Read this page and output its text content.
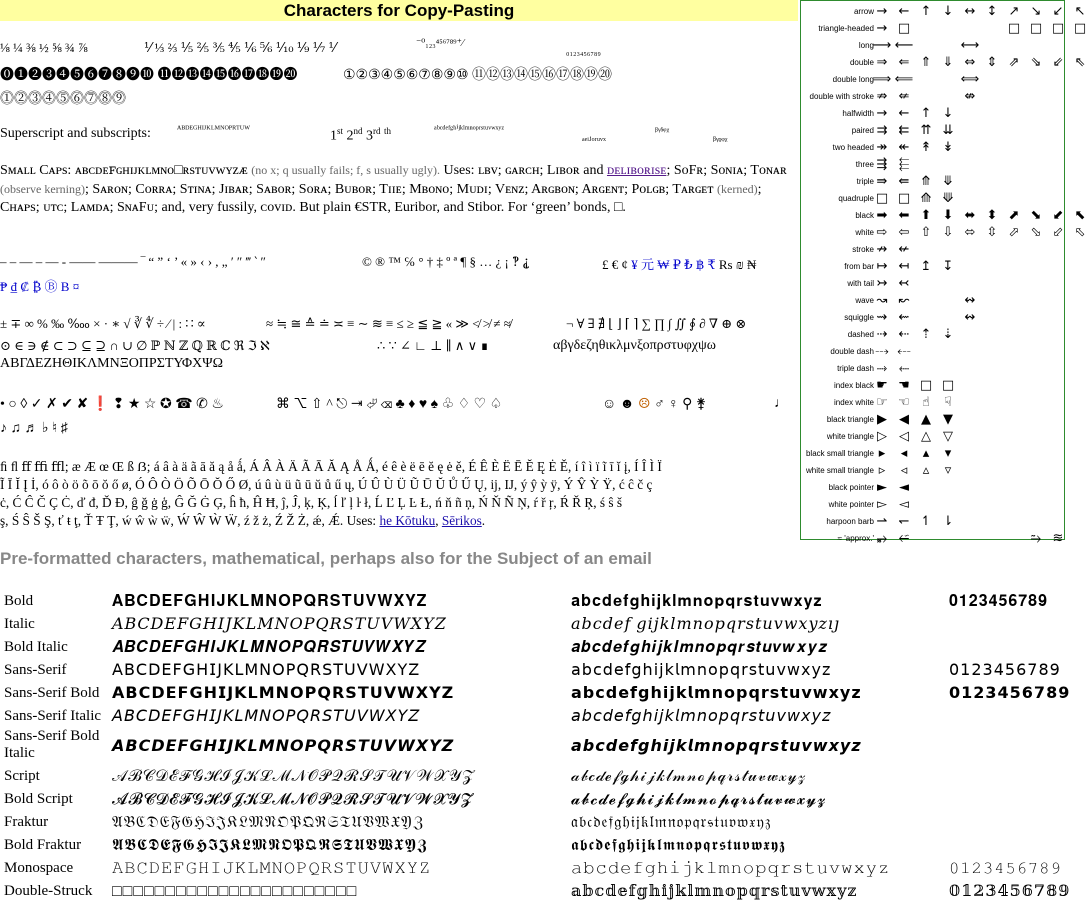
Characters for Copy-Pasting
⅛ ¼ ⅜ ½ ⅝ ¾ ⅞	⅟ ⅓ ⅔ ⅕ ⅖ ⅗ ⅘ ⅙ ⅚ ⅒ ⅑ ⅐ ⅟	⁻⁰₁₂₃⁴⁵⁶⁷⁸⁹⁺⁄
₀₁₂₃₄₅₆₇₈₉
⓿❶❷❸❹❺❻❼❽❾❿ ⓫⓬⓭⓮⓯⓰⓱⓲⓳⓴	①②③④⑤⑥⑦⑧⑨⑩ ⑪⑫⑬⑭⑮⑯⑰⑱⑲⑳
⓵⓶⓷⓸⓹⓺⓻⓼⓽
Superscript and subscripts:	ᴬᴮᴰᴱᴳᴴᴵᴶᴷᴸᴹᴺᴼᴾᴿᵀᵁᵂ	1st 2nd 3rd $^{th}$	ᵃᵇᶜᵈᵉᶠᵍʰⁱʲᵏˡᵐⁿᵒᵖʳˢᵗᵘᵛʷˣʸᶻ
ₐₑᵢⱼₒᵣᵤᵥₓ
ᵝᵞᵟᵠᵡ
ᵦᵧᵨᵩᵪ
Sᴍᴀʟʟ Cᴀᴘs: ᴀʙᴄᴅᴇꜰɢʜɪᴊᴋʟᴍɴᴏ□ʀsᴛᴜᴠᴡʏᴢᴁ (no x; q usually fails; f, s usually ugly). Uses: ʟʙᴠ; ɢᴀʀᴄʜ; Lɪʙᴏʀ and ᴅᴇʟɪʙᴏʀɪsᴇ; SᴏFʀ; Sᴏɴɪᴀ; Tᴏɴᴀʀ (observe kerning); Sᴀʀᴏɴ; Cᴏʀʀᴀ; Sᴛɪɴᴀ; Jɪʙᴀʀ; Sᴀʙᴏʀ; Sᴏʀᴀ; Bᴜʙᴏʀ; Tɪɪᴇ; Mʙᴏɴᴏ; Mᴜᴅɪ; Vᴇɴᴢ; Aʀɢʙᴏɴ; Aʀɢᴇɴᴛ; Pᴏʟɢʙ; Tᴀʀɢᴇᴛ (kerned); Cʜᴀᴘs; ᴜᴛᴄ; Lᴀᴍᴅᴀ; SɴᴀFᴜ; and, very fussily, ᴄᴏᴠɪᴅ. But plain €STR, Euribor, and Stibor. For ‘green’ bonds, □.
– – — – — - —— ——— ‾ “ ” ‘ ’ « » ‹ › , „ ′ ″ ‴ ‵ ″	© ® ™ ℅ ° † ‡ º ª ¶ § … ¿ ¡ ‽ ⸘	£ € ¢ ¥ 元 ₩ ₽ ₺ ฿ ₹ Rs ₪ ₦
₱ ₫ ₡ ₿ Ⓑ B ¤
± ∓ ∞ % ‰ ‱ × · ∗ √ ∛ ∜ ÷ ∕ | : ∷ ∝	≈ ≒ ≅ ≙ ≐ ≍ ≡ ∼ ≋ ≡ ≤ ≥ ≦ ≧ « ≫ ≮ ≯ ≠ ≉	¬ ∀ ∃ ∄ ⌊ ⌋ ⌈ ⌉ ∑ ∏ ∫ ∬ ∮ ∂ ∇ ⊕ ⊗
⊙ ∈ ∋ ∉ ⊂ ⊃ ⊆ ⊇ ∩ ∪ ∅ ℙ ℕ ℤ ℚ ℝ ℂ ℜ ℑ ℵ	∴ ∵ ∠ ∟ ⊥ ∥ ∧ ∨ ∎	αβγδεζηθικλμνξοπρστυφχψω
ΑΒΓΔΕΖΗΘΙΚΛΜΝΞΟΠΡΣΤΥΦΧΨΩ
• ○ ◊ ✓ ✗ ✔ ✘ ❗ ❢ ★ ☆ ✪ ☎ ✆ ♨	⌘ ⌥ ⇧ ^ ⎋ ⇥ ⏎ ⌫ ♣ ♦ ♥ ♠ ♧ ♢ ♡ ♤	☺ ☻ ☹ ♂ ♀ ⚲ ⚵	♩
♪ ♫ ♬ ♭ ♮ ♯
ﬁ ﬂ ﬀ ﬃ ﬄ; æ Æ œ Œ ß ẞ; á â à ä ã ā ă ą å ǻ, Á Â À Ä Ã Ā Ă Ą Å Ǻ, é ê è ë ē ĕ ę ė ě, É Ê È Ë Ē Ĕ Ę Ė Ě, í î ì ï ĩ ī ĭ į, Í Î Ì Ï
Ĩ Ī Ĭ Į İ, ó ô ò ö õ ō ŏ ő ø, Ó Ô Ò Ö Õ Ō Ŏ Ő Ø, ú û ù ü ũ ū ŭ ů ű ų, Ú Û Ù Ü Ũ Ū Ŭ Ů Ű Ų, ij, Ĳ, ý ŷ ỳ ÿ, Ý Ŷ Ỳ Ÿ, ć ĉ č ç
ċ, Ć Ĉ Č Ç Ċ, ď đ, Ď Đ, ĝ ğ ġ ģ, Ĝ Ğ Ġ Ģ, ĥ ħ, Ĥ Ħ, ĵ, Ĵ, ķ, Ķ, ĺ ľ ļ ŀ ł, Ĺ Ľ Ļ Ŀ Ł, ń ň ñ ņ, Ń Ň Ñ Ņ, ŕ ř ŗ, Ŕ Ř Ŗ, ś ŝ š
ş, Ś Ŝ Š Ş, ť ŧ ţ, Ť Ŧ Ţ, ẃ ŵ ẁ ẅ, Ẃ Ŵ Ẁ Ẅ, ź ž ż, Ź Ž Ż, ǽ, Ǽ. Uses: he Kōtuku, Sērikos.
arrow → ← ↑ ↓ ↔ ↕ ↗ ↘ ↙ ↖
triangle-headed → □	□ □ □ □
long
⟶ ⟵	⟷
double ⇒ ⇐ ⇑ ⇓ ⇔ ⇕ ⇗ ⇘ ⇙ ⇖
double long
⟹ ⟸	⟺
double with stroke ⇏ ⇍	⇎
halfwidth → ← ↑ ↓
paired ⇉ ⇇ ⇈ ⇊
two headed ↠ ↞ ↟ ↡
three ⇶ ⬱
triple ⇛ ⇚ ⤊ ⤋
quadruple □ □ ⟰ ⟱
black ➡ ⬅ ⬆ ⬇ ⬌ ⬍ ⬈ ⬊ ⬋ ⬉
white ⇨ ⇦ ⇧ ⇩ ⬄ ⇳ ⬀ ⬂ ⬃ ⬁
stroke ↛ ↚
from bar ↦ ↤ ↥ ↧
with tail ↣ ↢
wave ↝ ↜	↭
squiggle ⇝ ⇜	↭
dashed ⇢ ⇠ ⇡ ⇣
double dash ⤏ ⤎
triple dash ⤑ ⬸
index black ☛ ☚ □ □
index white ☞ ☜ ☝	☟
black triangle ▶ ◀ ▲ ▼
white triangle ▷ ◁ △ ▽
black small triangle ▸	◂	▴	▾
white small triangle ▹	◃	▵	▿
black pointer ► ◄
white pointer ▻ ◅
harpoon barb ⇀ ↽ ↿ ⇂
≈ 'approx.' ⥵ ⭁	⥲ ≋
Pre-formatted characters, mathematical, perhaps also for the Subject of an email
Bold	𝐀𝐁𝐂𝐃𝐄𝐅𝐆𝐇𝐈𝐉𝐊𝐋𝐌𝐍𝐎𝐏𝐐𝐑𝐒𝐓𝐔𝐕𝐖𝐗𝐘𝐙	𝐚𝐛𝐜𝐝𝐞𝐟𝐠𝐡𝐢𝐣𝐤𝐥𝐦𝐧𝐨𝐩𝐪𝐫𝐬𝐭𝐮𝐯𝐰𝐱𝐲𝐳	𝟎𝟏𝟐𝟑𝟒𝟓𝟔𝟕𝟖𝟗
Italic	𝐴𝐵𝐶𝐷𝐸𝐹𝐺𝐻𝐼𝐽𝐾𝐿𝑀𝑁𝑂𝑃𝑄𝑅𝑆𝑇𝑈𝑉𝑊𝑋𝑌𝑍	𝑎𝑏𝑐𝑑𝑒𝑓 𝑔𝑖𝑗𝑘𝑙𝑚𝑛𝑜𝑝𝑞𝑟𝑠𝑡𝑢𝑣𝑤𝑥𝑦𝑧𝚤𝚥
Bold Italic	𝑨𝑩𝑪𝑫𝑬𝑭𝑮𝑯𝑰𝑱𝑲𝑳𝑴𝑵𝑶𝑷𝑸𝑹𝑺𝑻𝑼𝑽𝑾𝑿𝒀𝒁	𝒂𝒃𝒄𝒅𝒆𝒇𝒈𝒉𝒊𝒋𝒌𝒍𝒎𝒏𝒐𝒑𝒒𝒓𝒔𝒕𝒖𝒗𝒘𝒙𝒚𝒛
Sans-Serif	𝖠𝖡𝖢𝖣𝖤𝖥𝖦𝖧𝖨𝖩𝖪𝖫𝖬𝖭𝖮𝖯𝖰𝖱𝖲𝖳𝖴𝖵𝖶𝖷𝖸𝖹	𝖺𝖻𝖼𝖽𝖾𝖿𝗀𝗁𝗂𝗃𝗄𝗅𝗆𝗇𝗈𝗉𝗊𝗋𝗌𝗍𝗎𝗏𝗐𝗑𝗒𝗓	𝟢𝟣𝟤𝟥𝟦𝟧𝟨𝟩𝟪𝟫
Sans-Serif Bold 𝗔𝗕𝗖𝗗𝗘𝗙𝗚𝗛𝗜𝗝𝗞𝗟𝗠𝗡𝗢𝗣𝗤𝗥𝗦𝗧𝗨𝗩𝗪𝗫𝗬𝗭	𝗮𝗯𝗰𝗱𝗲𝗳𝗴𝗵𝗶𝗷𝗸𝗹𝗺𝗻𝗼𝗽𝗾𝗿𝘀𝘁𝘂𝘃𝘄𝘅𝘆𝘇	𝟬𝟭𝟮𝟯𝟰𝟱𝟲𝟳𝟴𝟵
Sans-Serif Italic 𝘈𝘉𝘊𝘋𝘌𝘍𝘎𝘏𝘐𝘑𝘒𝘓𝘔𝘕𝘖𝘗𝘘𝘙𝘚𝘛𝘜𝘝𝘞𝘟𝘠𝘡	𝘢𝘣𝘤𝘥𝘦𝘧𝘨𝘩𝘪𝘫𝘬𝘭𝘮𝘯𝘰𝘱𝘲𝘳𝘴𝘵𝘶𝘷𝘸𝘹𝘺𝘻
Sans-Serif Bold Italic	𝘼𝘽𝘾𝘿𝙀𝙁𝙂𝙃𝙄𝙅𝙆𝙇𝙈𝙉𝙊𝙋𝙌𝙍𝙎𝙏𝙐𝙑𝙒𝙓𝙔𝙕	𝙖𝙗𝙘𝙙𝙚𝙛𝙜𝙝𝙞𝙟𝙠𝙡𝙢𝙣𝙤𝙥𝙦𝙧𝙨𝙩𝙪𝙫𝙬𝙭𝙮𝙯
Script	𝒜ℬ𝒞𝒟ℰℱ𝒢ℋℐ𝒥𝒦ℒℳ𝒩𝒪𝒫𝒬ℛ𝒮𝒯𝒰𝒱𝒲𝒳𝒴𝒵	𝒶𝒷𝒸𝒹ℯ𝒻ℊ𝒽𝒾𝒿𝓀𝓁𝓂𝓃ℴ𝓅𝓆𝓇𝓈𝓉𝓊𝓋𝓌𝓍𝓎𝓏
Bold Script 𝓐𝓑𝓒𝓓𝓔𝓕𝓖𝓗𝓘𝓙𝓚𝓛𝓜𝓝𝓞𝓟𝓠𝓡𝓢𝓣𝓤𝓥𝓦𝓧𝓨𝓩	𝓪𝓫𝓬𝓭𝓮𝓯𝓰𝓱𝓲𝓳𝓴𝓵𝓶𝓷𝓸𝓹𝓺𝓻𝓼𝓽𝓾𝓿𝔀𝔁𝔂𝔃
Fraktur	𝔄𝔅ℭ𝔇𝔈𝔉𝔊ℌℑ𝔍𝔎𝔏𝔐𝔑𝔒𝔓𝔔ℜ𝔖𝔗𝔘𝔙𝔚𝔛𝔜ℨ	𝔞𝔟𝔠𝔡𝔢𝔣𝔤𝔥𝔦𝔧𝔨𝔩𝔪𝔫𝔬𝔭𝔮𝔯𝔰𝔱𝔲𝔳𝔴𝔵𝔶𝔷
Bold Fraktur 𝕬𝕭𝕮𝕯𝕰𝕱𝕲𝕳𝕴𝕵𝕶𝕷𝕸𝕹𝕺𝕻𝕼𝕽𝕾𝕿𝖀𝖁𝖂𝖃𝖄𝖅	𝖆𝖇𝖈𝖉𝖊𝖋𝖌𝖍𝖎𝖏𝖐𝖑𝖒𝖓𝖔𝖕𝖖𝖗𝖘𝖙𝖚𝖛𝖜𝖝𝖞𝖟
Monospace 𝙰𝙱𝙲𝙳𝙴𝙵𝙶𝙷𝙸𝙹𝙺𝙻𝙼𝙽𝙾𝙿𝚀𝚁𝚂𝚃𝚄𝚅𝚆𝚇𝚈𝚉	𝚊𝚋𝚌𝚍𝚎𝚏𝚐𝚑𝚒𝚓𝚔𝚕𝚖𝚗𝚘𝚙𝚚𝚛𝚜𝚝𝚞𝚟𝚠𝚡𝚢𝚣	𝟶𝟷𝟸𝟹𝟺𝟻𝟼𝟽𝟾𝟿
Double-Struck □□□□□□□□□□□□□□□□□□□□□□□	𝕒𝕓𝕔𝕕𝕖𝕗𝕘𝕙𝕚𝕛𝕜𝕝𝕞𝕟𝕠𝕡𝕢𝕣𝕤𝕥𝕦𝕧𝕨𝕩𝕪𝕫	𝟘𝟙𝟚𝟛𝟜𝟝𝟞𝟟𝟠𝟡
